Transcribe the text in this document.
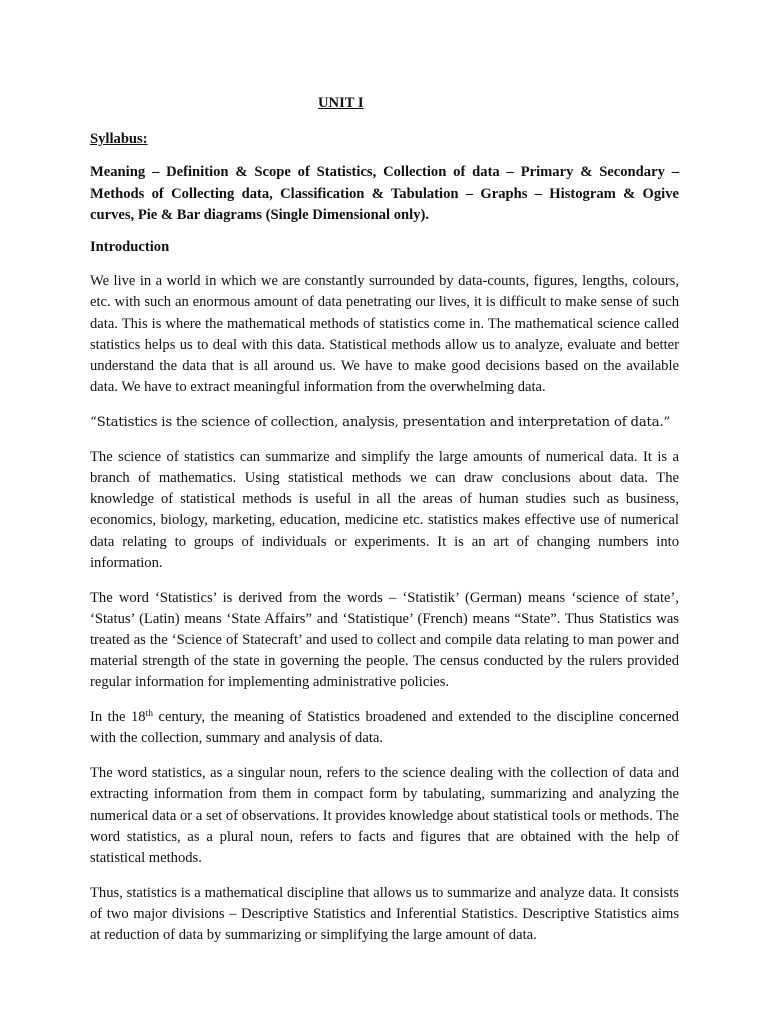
UNIT I

Syllabus:

Meaning – Definition & Scope of Statistics, Collection of data – Primary & Secondary – Methods of Collecting data, Classification & Tabulation – Graphs – Histogram & Ogive curves, Pie & Bar diagrams (Single Dimensional only).

Introduction

We live in a world in which we are constantly surrounded by data-counts, figures, lengths, colours, etc. with such an enormous amount of data penetrating our lives, it is difficult to make sense of such data. This is where the mathematical methods of statistics come in. The mathematical science called statistics helps us to deal with this data. Statistical methods allow us to analyze, evaluate and better understand the data that is all around us. We have to make good decisions based on the available data. We have to extract meaningful information from the overwhelming data.

“Statistics is the science of collection, analysis, presentation and interpretation of data.”

The science of statistics can summarize and simplify the large amounts of numerical data. It is a branch of mathematics. Using statistical methods we can draw conclusions about data. The knowledge of statistical methods is useful in all the areas of human studies such as business, economics, biology, marketing, education, medicine etc. statistics makes effective use of numerical data relating to groups of individuals or experiments. It is an art of changing numbers into information.

The word ‘Statistics’ is derived from the words – ‘Statistik’ (German) means ‘science of state’, ‘Status’ (Latin) means ‘State Affairs” and ‘Statistique’ (French) means “State”. Thus Statistics was treated as the ‘Science of Statecraft’ and used to collect and compile data relating to man power and material strength of the state in governing the people. The census conducted by the rulers provided regular information for implementing administrative policies.

In the 18th century, the meaning of Statistics broadened and extended to the discipline concerned with the collection, summary and analysis of data.

The word statistics, as a singular noun, refers to the science dealing with the collection of data and extracting information from them in compact form by tabulating, summarizing and analyzing the numerical data or a set of observations. It provides knowledge about statistical tools or methods. The word statistics, as a plural noun, refers to facts and figures that are obtained with the help of statistical methods.

Thus, statistics is a mathematical discipline that allows us to summarize and analyze data. It consists of two major divisions – Descriptive Statistics and Inferential Statistics. Descriptive Statistics aims at reduction of data by summarizing or simplifying the large amount of data.
